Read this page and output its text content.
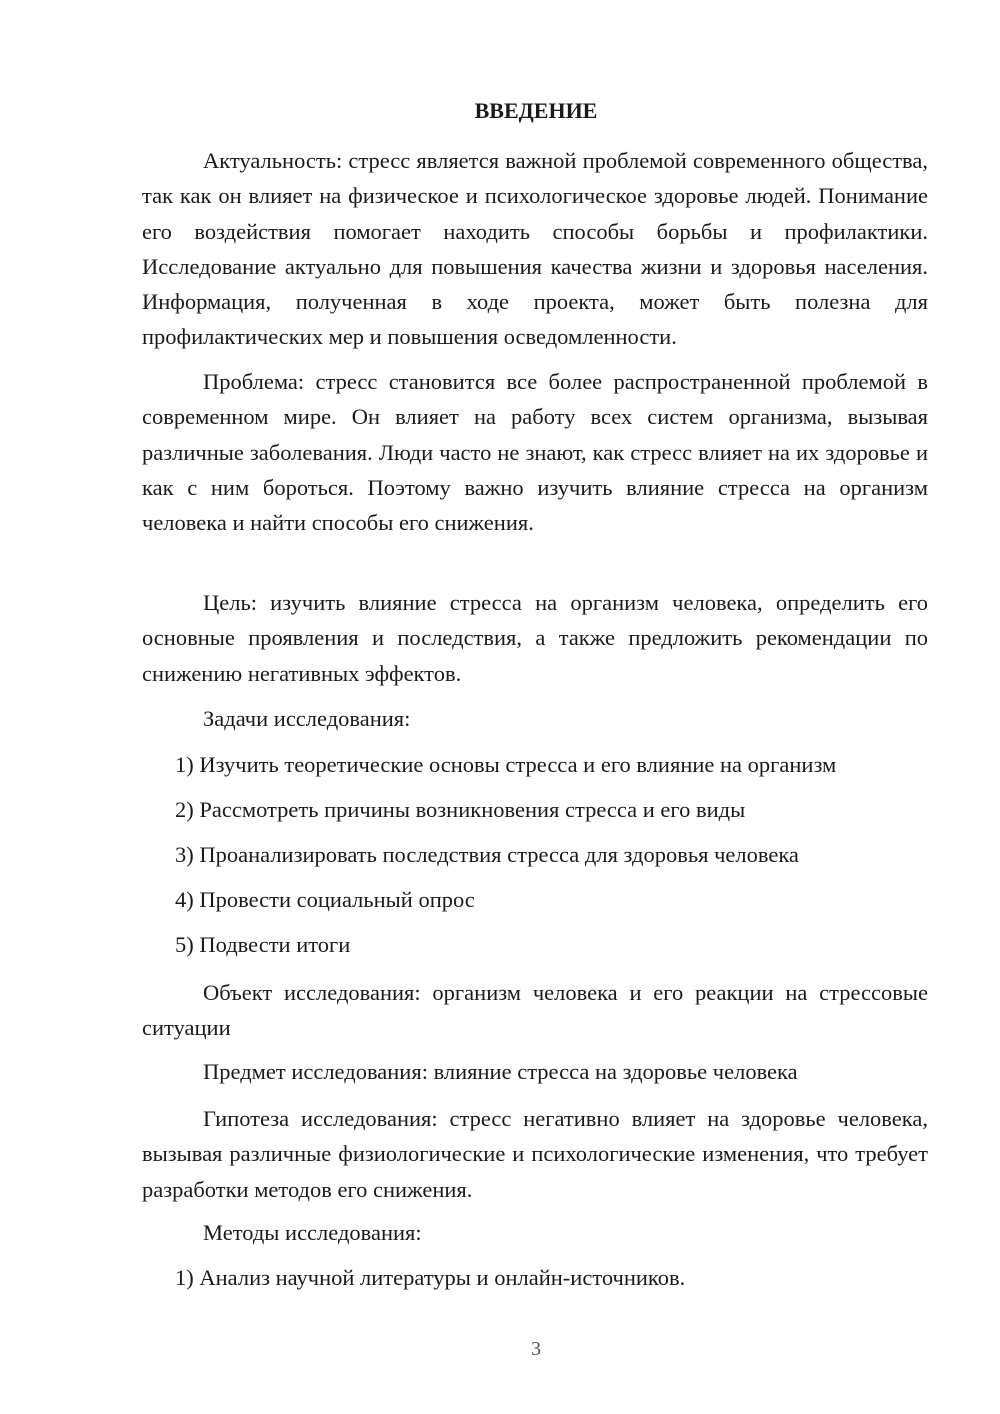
ВВЕДЕНИЕ

Актуальность: стресс является важной проблемой современного общества, так как он влияет на физическое и психологическое здоровье людей. Понимание его воздействия помогает находить способы борьбы и профилактики. Исследование актуально для повышения качества жизни и здоровья населения. Информация, полученная в ходе проекта, может быть полезна для профилактических мер и повышения осведомленности.

Проблема: стресс становится все более распространенной проблемой в современном мире. Он влияет на работу всех систем организма, вызывая различные заболевания. Люди часто не знают, как стресс влияет на их здоровье и как с ним бороться. Поэтому важно изучить влияние стресса на организм человека и найти способы его снижения.

Цель: изучить влияние стресса на организм человека, определить его основные проявления и последствия, а также предложить рекомендации по снижению негативных эффектов.

Задачи исследования:
1) Изучить теоретические основы стресса и его влияние на организм
2) Рассмотреть причины возникновения стресса и его виды
3) Проанализировать последствия стресса для здоровья человека
4) Провести социальный опрос
5) Подвести итоги

Объект исследования: организм человека и его реакции на стрессовые ситуации

Предмет исследования: влияние стресса на здоровье человека

Гипотеза исследования: стресс негативно влияет на здоровье человека, вызывая различные физиологические и психологические изменения, что требует разработки методов его снижения.

Методы исследования:
1) Анализ научной литературы и онлайн-источников.
3
